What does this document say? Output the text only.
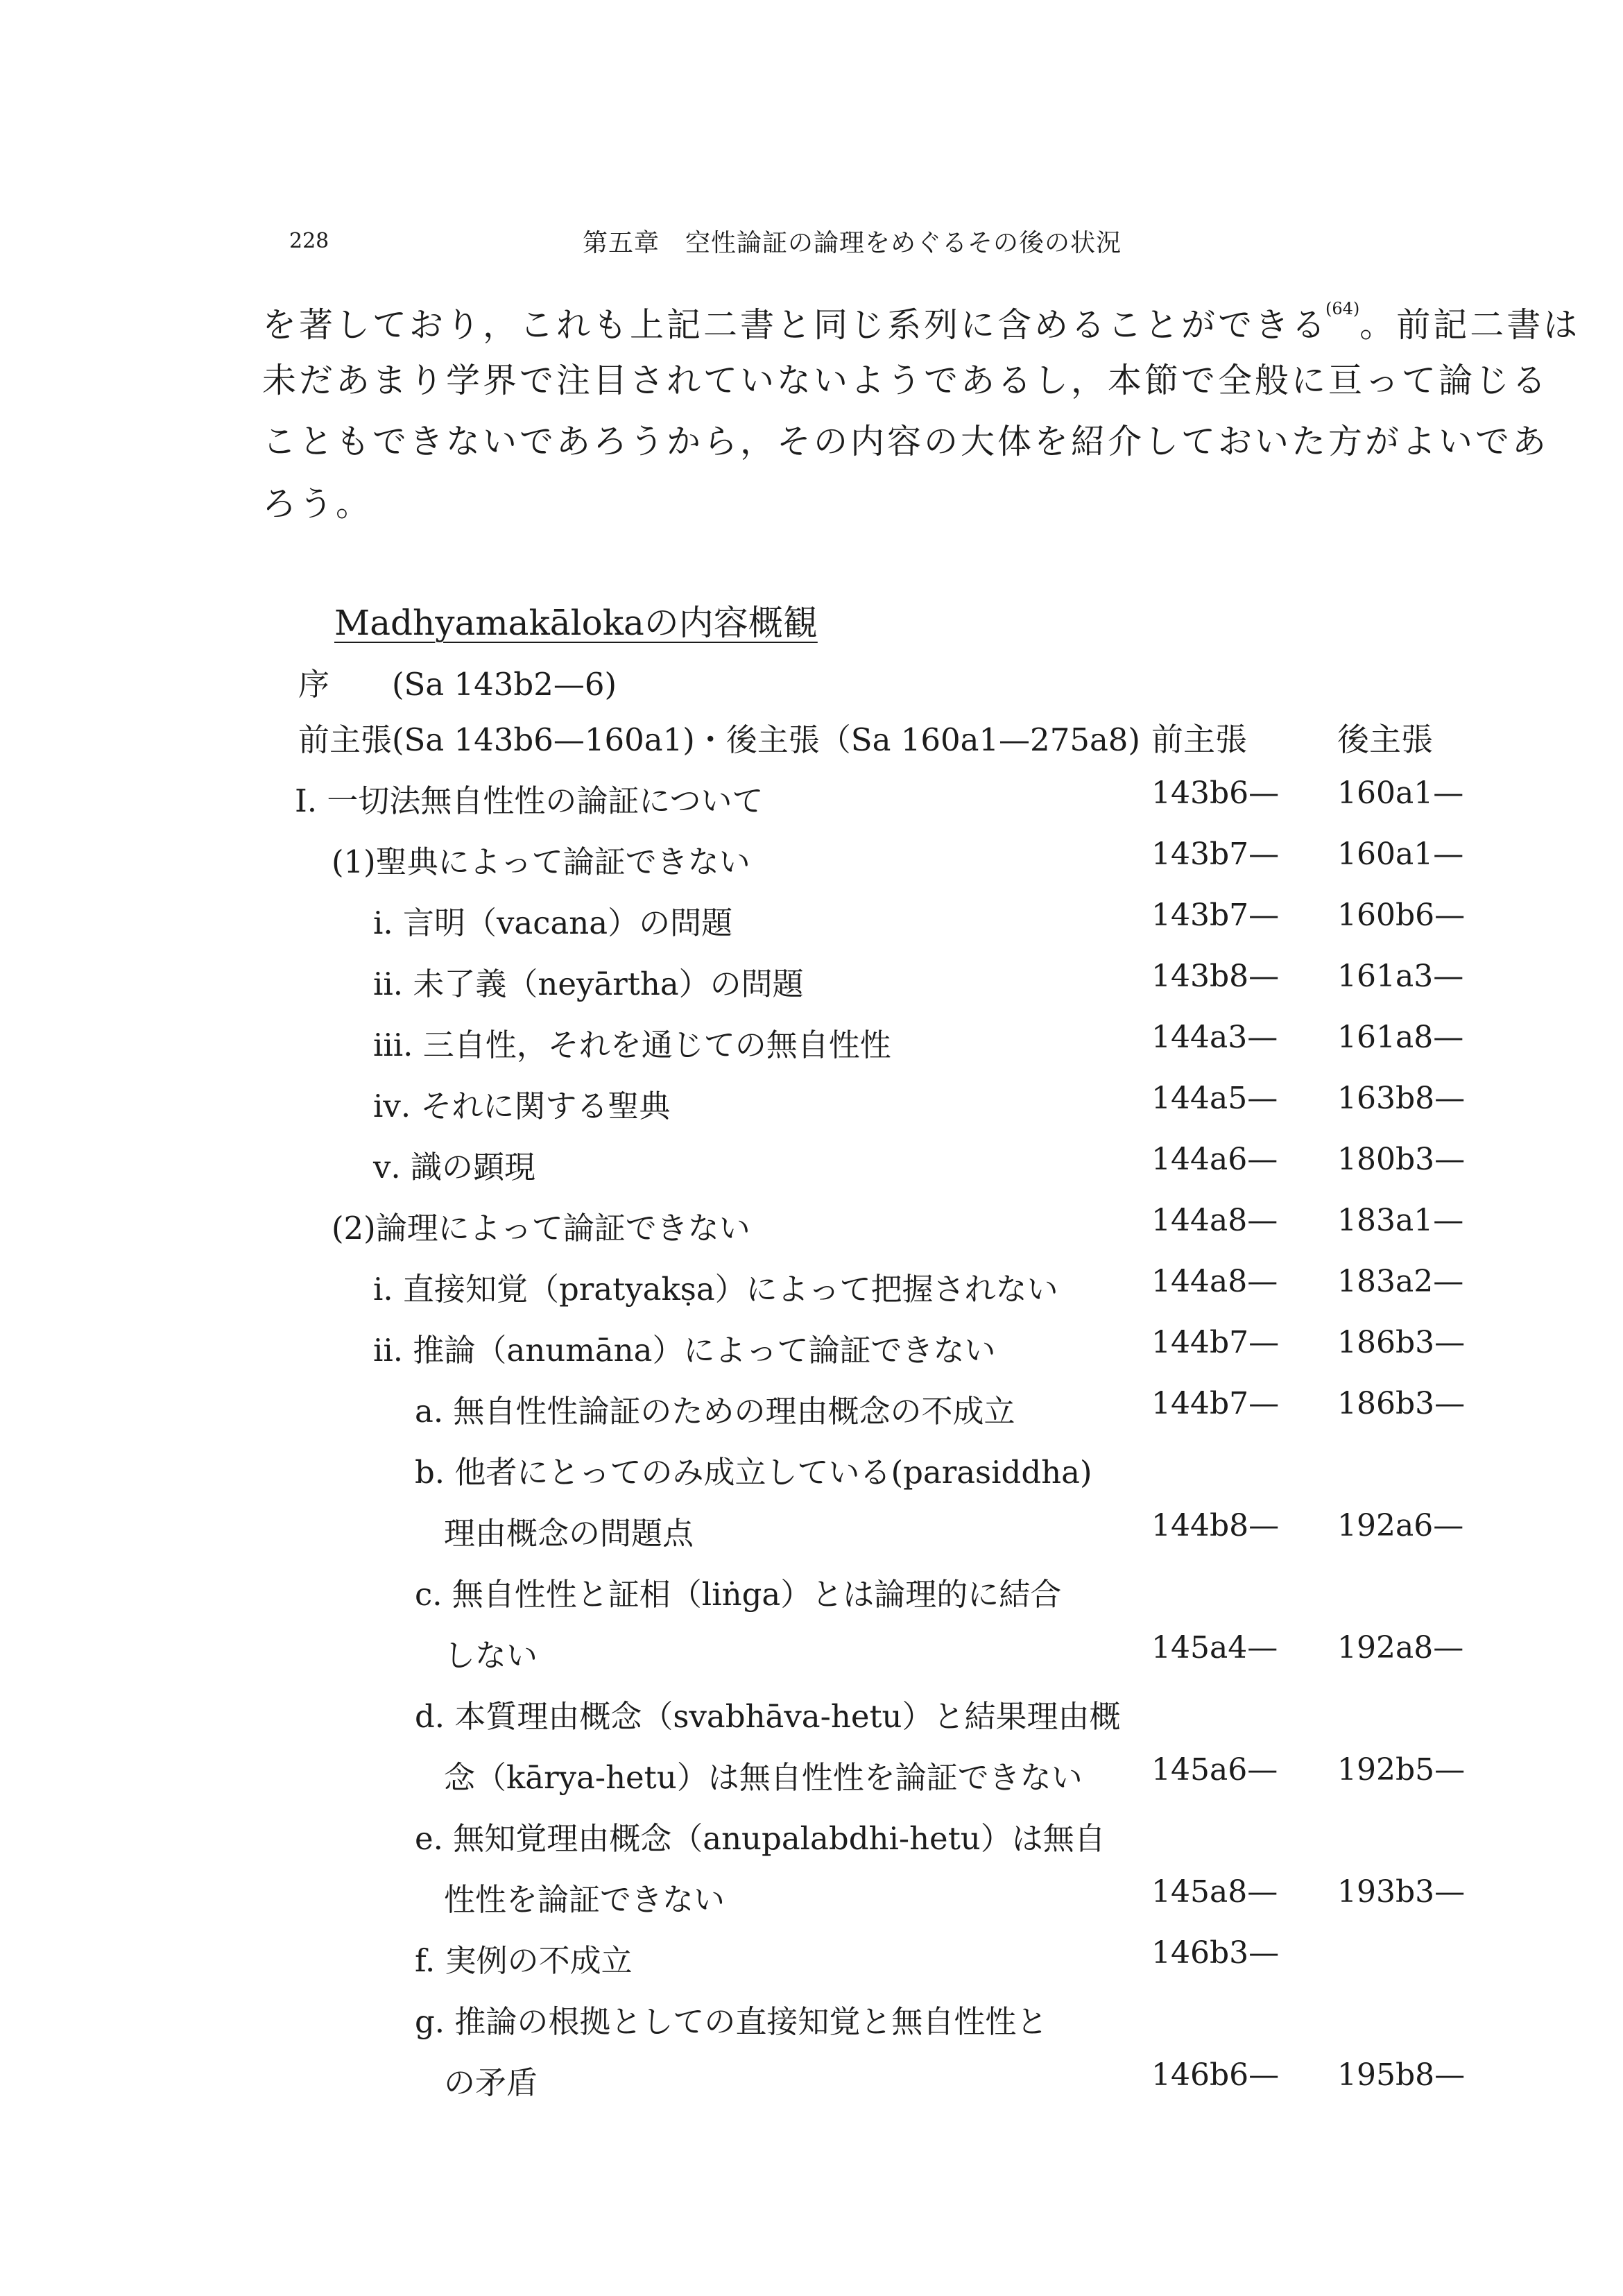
228	第五章　空性論証の論理をめぐるその後の状況
を著しており，これも上記二書と同じ系列に含めることができる$^{(64)}$。前記二書は
未だあまり学界で注目されていないようであるし，本節で全般に亘って論じる
こともできないであろうから，その内容の大体を紹介しておいた方がよいであ
ろう。
Madhyamakālokaの内容概観
序　　(Sa 143b2—6)
前主張(Sa 143b6—160a1)・後主張（Sa 160a1—275a8) 前主張	後主張
I. 一切法無自性性の論証について	143b6— 160a1—
(1)聖典によって論証できない	143b7— 160a1—
ⅰ. 言明（vacana）の問題	143b7— 160b6—
ⅱ. 未了義（neyārtha）の問題	143b8— 161a3—
ⅲ. 三自性，それを通じての無自性性	144a3— 161a8—
ⅳ. それに関する聖典	144a5— 163b8—
ⅴ. 識の顕現	144a6— 180b3—
(2)論理によって論証できない	144a8— 183a1—
ⅰ. 直接知覚（pratyakṣa）によって把握されない	144a8— 183a2—
ⅱ. 推論（anumāna）によって論証できない	144b7— 186b3—
a. 無自性性論証のための理由概念の不成立	144b7— 186b3—
b. 他者にとってのみ成立している(parasiddha)
理由概念の問題点	144b8— 192a6—
c. 無自性性と証相（liṅga）とは論理的に結合
しない	145a4— 192a8—
d. 本質理由概念（svabhāva-hetu）と結果理由概
念（kārya-hetu）は無自性性を論証できない 145a6— 192b5—
e. 無知覚理由概念（anupalabdhi-hetu）は無自
性性を論証できない	145a8— 193b3—
f. 実例の不成立	146b3—
g. 推論の根拠としての直接知覚と無自性性と
の矛盾	146b6— 195b8—
